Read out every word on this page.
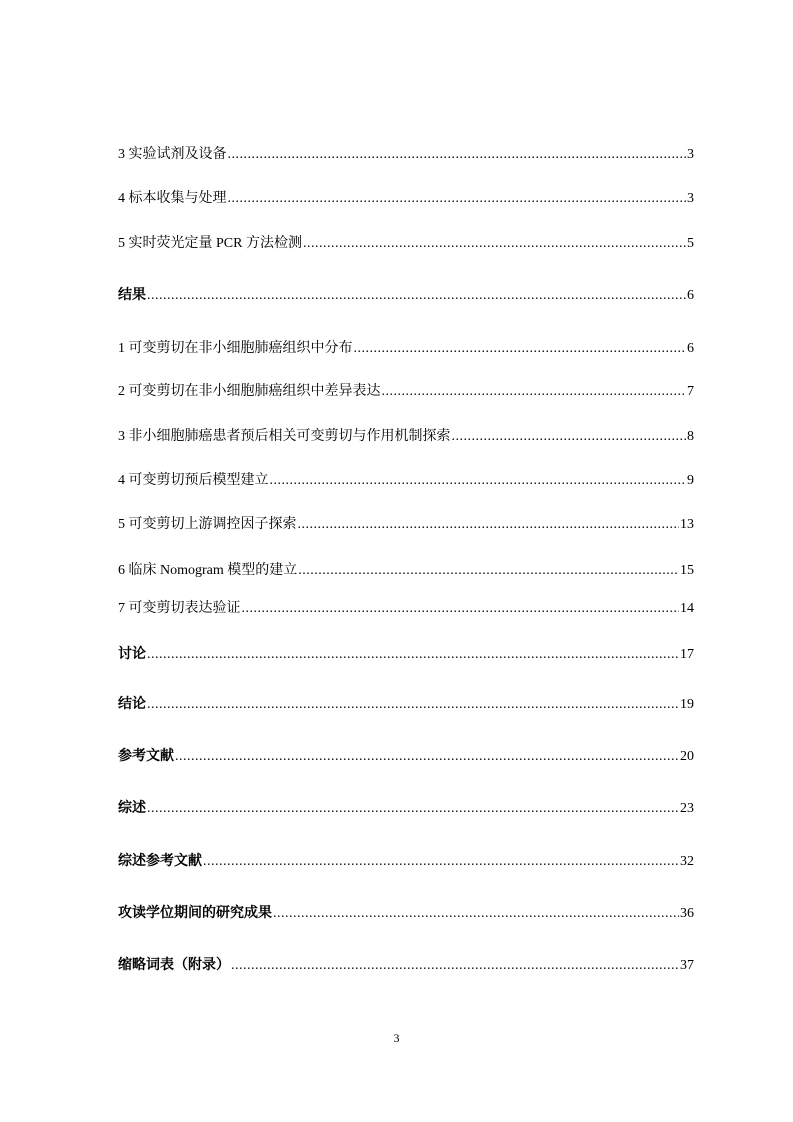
3 实验试剂及设备 .....	3
4 标本收集与处理 .....	3
5 实时荧光定量 PCR 方法检测 .....	5
结果 .....	6
1 可变剪切在非小细胞肺癌组织中分布 .....	6
2 可变剪切在非小细胞肺癌组织中差异表达 .....	7
3 非小细胞肺癌患者预后相关可变剪切与作用机制探索 .....	8
4 可变剪切预后模型建立 .....	9
5 可变剪切上游调控因子探索 .....	13
6 临床 Nomogram 模型的建立 .....	15
7 可变剪切表达验证 .....	14
讨论 .....	17
结论 .....	19
参考文献 .....	20
综述 .....	23
综述参考文献 .....	32
攻读学位期间的研究成果 .....	36
缩略词表（附录） .....	37
3
